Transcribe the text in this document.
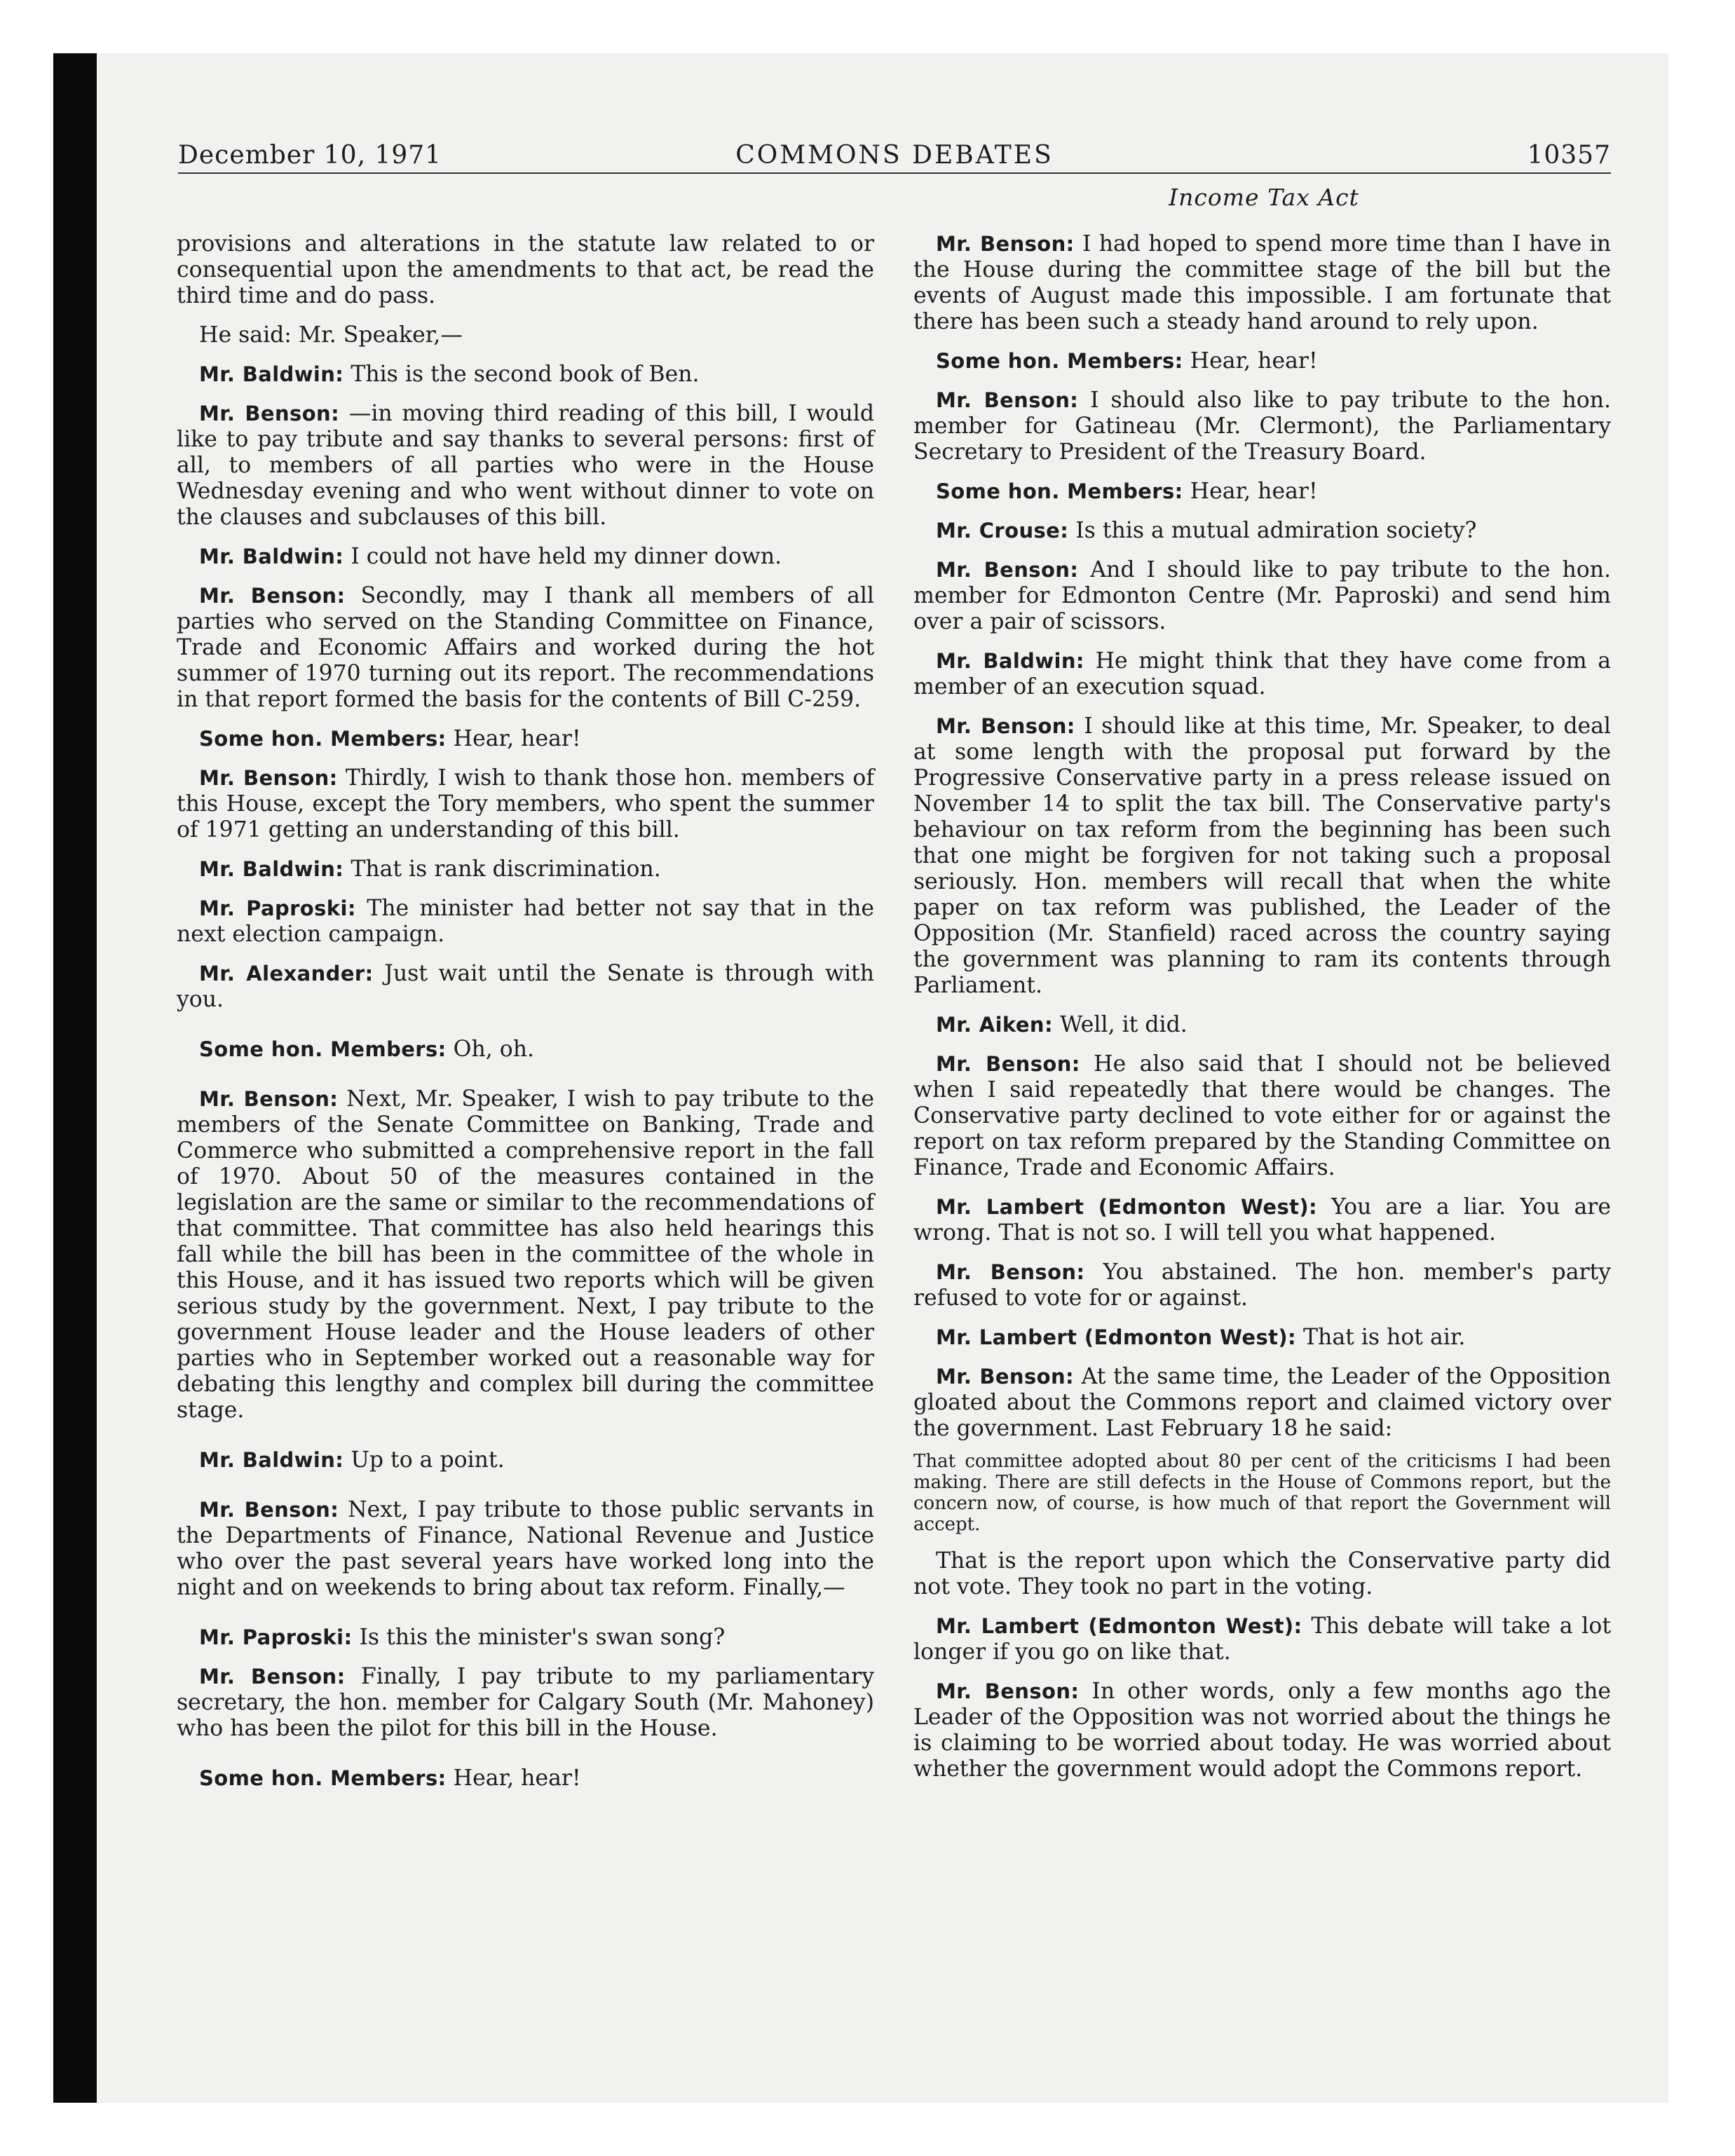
December 10, 1971	COMMONS DEBATES	10357
Income Tax Act

provisions and alterations in the statute law related to or consequential upon the amendments to that act, be read the third time and do pass.

He said: Mr. Speaker,—

Mr. Baldwin: This is the second book of Ben.

Mr. Benson: —in moving third reading of this bill, I would like to pay tribute and say thanks to several persons: first of all, to members of all parties who were in the House Wednesday evening and who went without dinner to vote on the clauses and subclauses of this bill.

Mr. Baldwin: I could not have held my dinner down.

Mr. Benson: Secondly, may I thank all members of all parties who served on the Standing Committee on Finance, Trade and Economic Affairs and worked during the hot summer of 1970 turning out its report. The recommendations in that report formed the basis for the contents of Bill C-259.

Some hon. Members: Hear, hear!

Mr. Benson: Thirdly, I wish to thank those hon. members of this House, except the Tory members, who spent the summer of 1971 getting an understanding of this bill.

Mr. Baldwin: That is rank discrimination.

Mr. Paproski: The minister had better not say that in the next election campaign.

Mr. Alexander: Just wait until the Senate is through with you.

Some hon. Members: Oh, oh.

Mr. Benson: Next, Mr. Speaker, I wish to pay tribute to the members of the Senate Committee on Banking, Trade and Commerce who submitted a comprehensive report in the fall of 1970. About 50 of the measures contained in the legislation are the same or similar to the recommendations of that committee. That committee has also held hearings this fall while the bill has been in the committee of the whole in this House, and it has issued two reports which will be given serious study by the government. Next, I pay tribute to the government House leader and the House leaders of other parties who in September worked out a reasonable way for debating this lengthy and complex bill during the committee stage.

Mr. Baldwin: Up to a point.

Mr. Benson: Next, I pay tribute to those public servants in the Departments of Finance, National Revenue and Justice who over the past several years have worked long into the night and on weekends to bring about tax reform. Finally,—

Mr. Paproski: Is this the minister's swan song?

Mr. Benson: Finally, I pay tribute to my parliamentary secretary, the hon. member for Calgary South (Mr. Mahoney) who has been the pilot for this bill in the House.

Some hon. Members: Hear, hear!

Mr. Benson: I had hoped to spend more time than I have in the House during the committee stage of the bill but the events of August made this impossible. I am fortunate that there has been such a steady hand around to rely upon.

Some hon. Members: Hear, hear!

Mr. Benson: I should also like to pay tribute to the hon. member for Gatineau (Mr. Clermont), the Parliamentary Secretary to President of the Treasury Board.

Some hon. Members: Hear, hear!

Mr. Crouse: Is this a mutual admiration society?

Mr. Benson: And I should like to pay tribute to the hon. member for Edmonton Centre (Mr. Paproski) and send him over a pair of scissors.

Mr. Baldwin: He might think that they have come from a member of an execution squad.

Mr. Benson: I should like at this time, Mr. Speaker, to deal at some length with the proposal put forward by the Progressive Conservative party in a press release issued on November 14 to split the tax bill. The Conservative party's behaviour on tax reform from the beginning has been such that one might be forgiven for not taking such a proposal seriously. Hon. members will recall that when the white paper on tax reform was published, the Leader of the Opposition (Mr. Stanfield) raced across the country saying the government was planning to ram its contents through Parliament.

Mr. Aiken: Well, it did.

Mr. Benson: He also said that I should not be believed when I said repeatedly that there would be changes. The Conservative party declined to vote either for or against the report on tax reform prepared by the Standing Committee on Finance, Trade and Economic Affairs.

Mr. Lambert (Edmonton West): You are a liar. You are wrong. That is not so. I will tell you what happened.

Mr. Benson: You abstained. The hon. member's party refused to vote for or against.

Mr. Lambert (Edmonton West): That is hot air.

Mr. Benson: At the same time, the Leader of the Opposition gloated about the Commons report and claimed victory over the government. Last February 18 he said:

That committee adopted about 80 per cent of the criticisms I had been making. There are still defects in the House of Commons report, but the concern now, of course, is how much of that report the Government will accept.

That is the report upon which the Conservative party did not vote. They took no part in the voting.

Mr. Lambert (Edmonton West): This debate will take a lot longer if you go on like that.

Mr. Benson: In other words, only a few months ago the Leader of the Opposition was not worried about the things he is claiming to be worried about today. He was worried about whether the government would adopt the Commons report.
